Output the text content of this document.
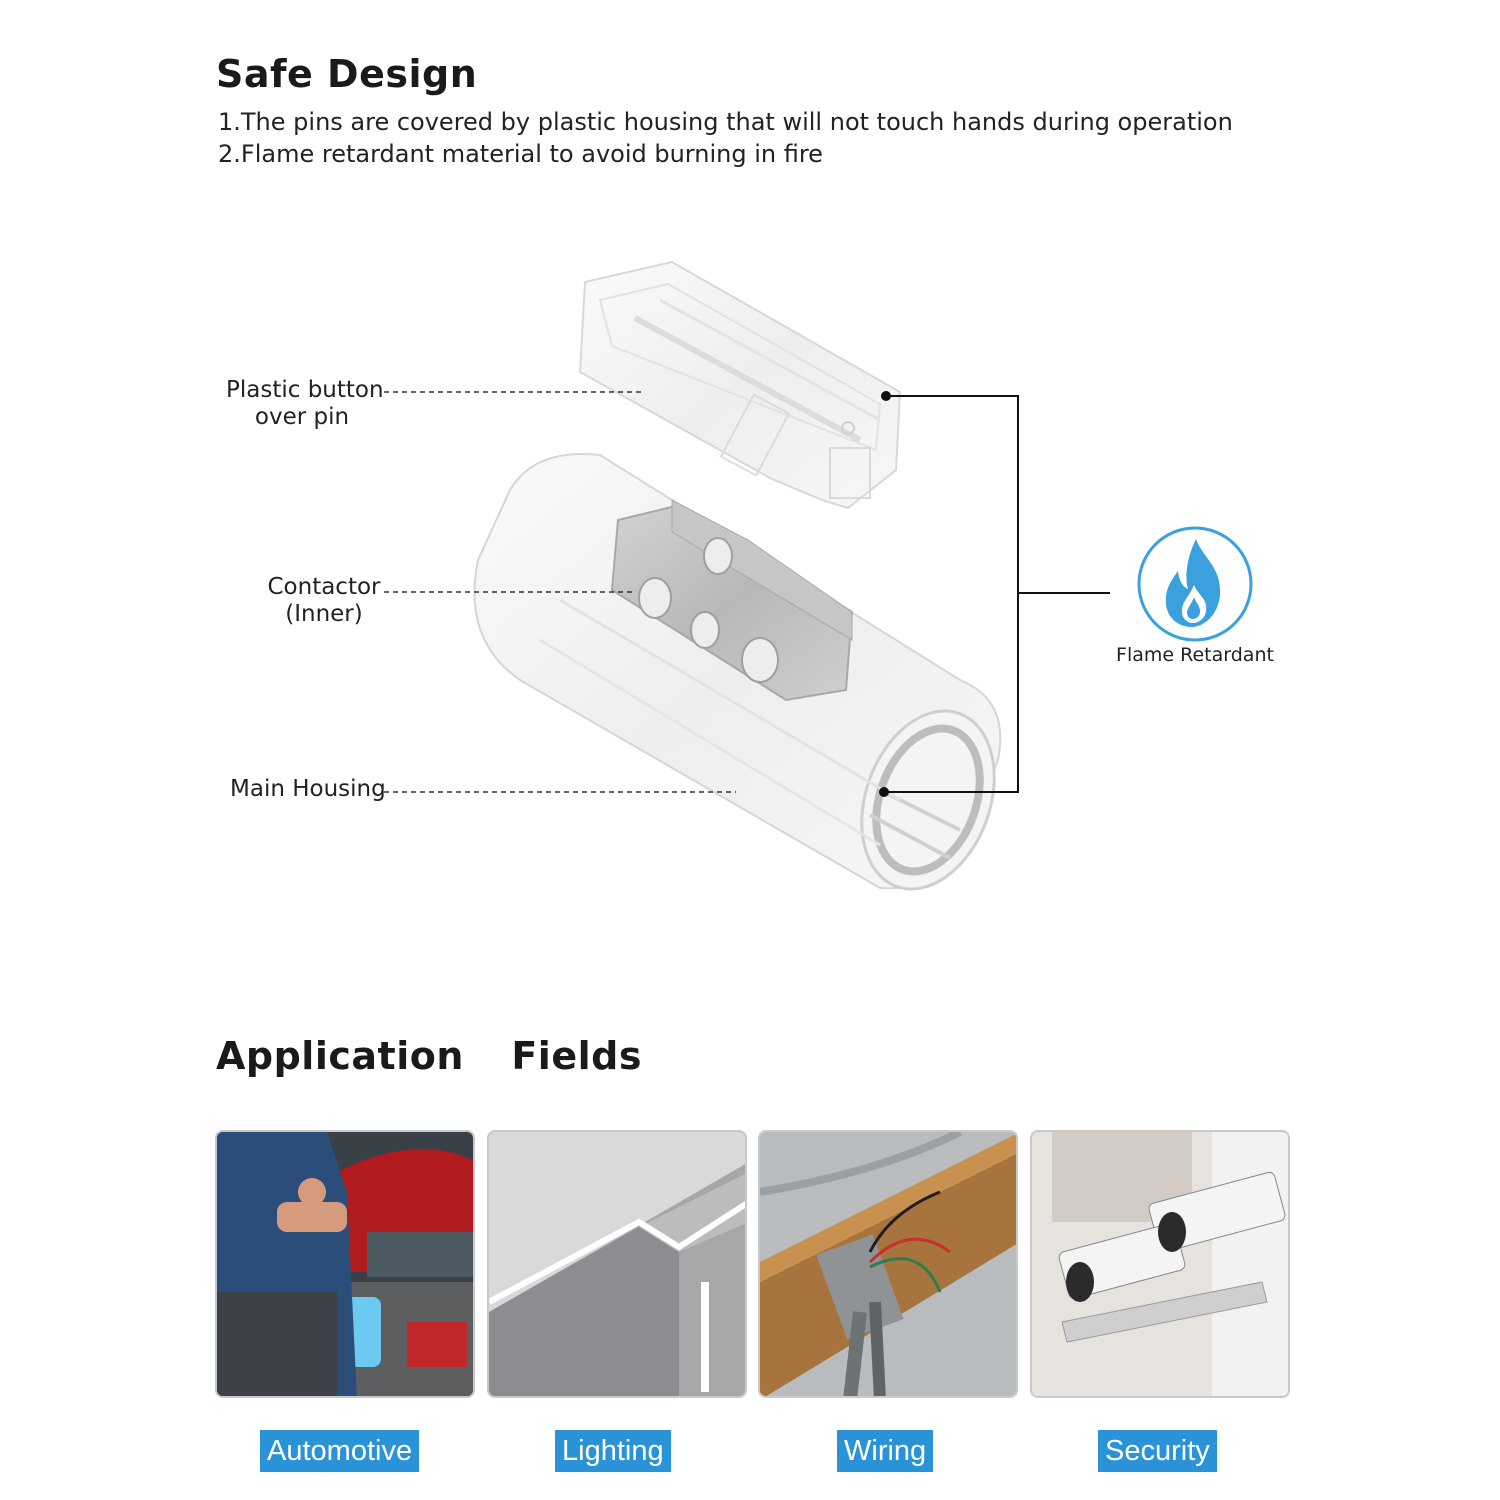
Safe Design
1.The pins are covered by plastic housing that will not touch hands during operation
2.Flame retardant material to avoid burning in fire
Plastic button
over pin
Contactor
(Inner)
Main Housing
Flame Retardant
Application  Fields
Automotive	Lighting	Wiring	Security
